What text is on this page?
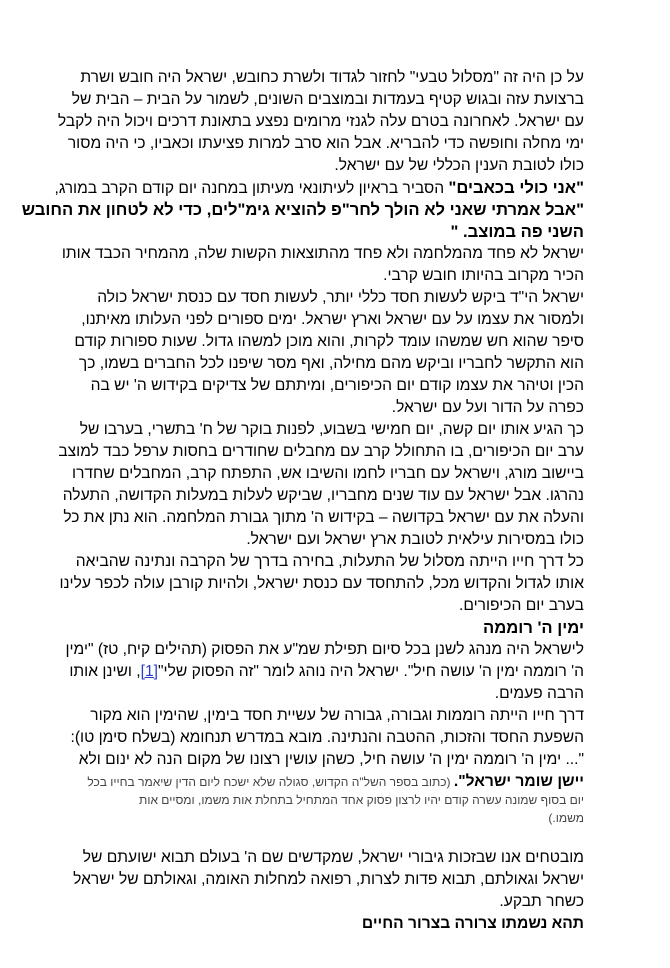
על כן היה זה "מסלול טבעי" לחזור לגדוד ולשרת כחובש, ישראל היה חובש ושרת
ברצועת עזה ובגוש קטיף בעמדות ובמוצבים השונים, לשמור על הבית – הבית של
עם ישראל. לאחרונה בטרם עלה לגנזי מרומים נפצע בתאונת דרכים ויכול היה לקבל
ימי מחלה וחופשה כדי להבריא. אבל הוא סרב למרות פציעתו וכאביו, כי היה מסור
כולו לטובת הענין הכללי של עם ישראל.
"אני כולי בכאבים" הסביר בראיון לעיתונאי מעיתון במחנה יום קודם הקרב במורג,
"אבל אמרתי שאני לא הולך לחר"פ להוציא גימ"לים, כדי לא לטחון את החובש
השני פה במוצב. "
ישראל לא פחד מהמלחמה ולא פחד מהתוצאות הקשות שלה, מהמחיר הכבד אותו
הכיר מקרוב בהיותו חובש קרבי.
ישראל הי"ד ביקש לעשות חסד כללי יותר, לעשות חסד עם כנסת ישראל כולה
ולמסור את עצמו על עם ישראל וארץ ישראל. ימים ספורים לפני העלותו מאיתנו,
סיפר שהוא חש שמשהו עומד לקרות, והוא מוכן למשהו גדול. שעות ספורות קודם
הוא התקשר לחבריו וביקש מהם מחילה, ואף מסר שיפנו לכל החברים בשמו, כך
הכין וטיהר את עצמו קודם יום הכיפורים, ומיתתם של צדיקים בקידוש ה' יש בה
כפרה על הדור ועל עם ישראל.
כך הגיע אותו יום קשה, יום חמישי בשבוע, לפנות בוקר של ח' בתשרי, בערבו של
ערב יום הכיפורים, בו התחולל קרב עם מחבלים שחודרים בחסות ערפל כבד למוצב
ביישוב מורג, וישראל עם חבריו לחמו והשיבו אש, התפתח קרב, המחבלים שחדרו
נהרגו. אבל ישראל עם עוד שנים מחבריו, שביקש לעלות במעלות הקדושה, התעלה
והעלה את עם ישראל בקדושה – בקידוש ה' מתוך גבורת המלחמה. הוא נתן את כל
כולו במסירות עילאית לטובת ארץ ישראל ועם ישראל.
כל דרך חייו הייתה מסלול של התעלות, בחירה בדרך של הקרבה ונתינה שהביאה
אותו לגדול והקדוש מכל, להתחסד עם כנסת ישראל, ולהיות קורבן עולה לכפר עלינו
בערב יום הכיפורים.
ימין ה' רוממה
לישראל היה מנהג לשנן בכל סיום תפילת שמ"ע את הפסוק (תהילים קיח, טז) "ימין
ה' רוממה ימין ה' עושה חיל". ישראל היה נוהג לומר "זה הפסוק שלי"[1], ושינן אותו
הרבה פעמים.
דרך חייו הייתה רוממות וגבורה, גבורה של עשיית חסד בימין, שהימין הוא מקור
השפעת החסד והזכות, ההטבה והנתינה. מובא במדרש תנחומא (בשלח סימן טו):
"... ימין ה' רוממה ימין ה' עושה חיל, כשהן עושין רצונו של מקום הנה לא ינום ולא
יישן שומר ישראל". (כתוב בספר השל"ה הקדוש, סגולה שלא ישכח ליום הדין שיאמר בחייו בכל
יום בסוף שמונה עשרה קודם יהיו לרצון פסוק אחד המתחיל בתחלת אות משמו, ומסיים אות
משמו.)
מובטחים אנו שבזכות גיבורי ישראל, שמקדשים שם ה' בעולם תבוא ישועתם של
ישראל וגאולתם, תבוא פדות לצרות, רפואה למחלות האומה, וגאולתם של ישראל
כשחר תבקע.
תהא נשמתו צרורה בצרור החיים
